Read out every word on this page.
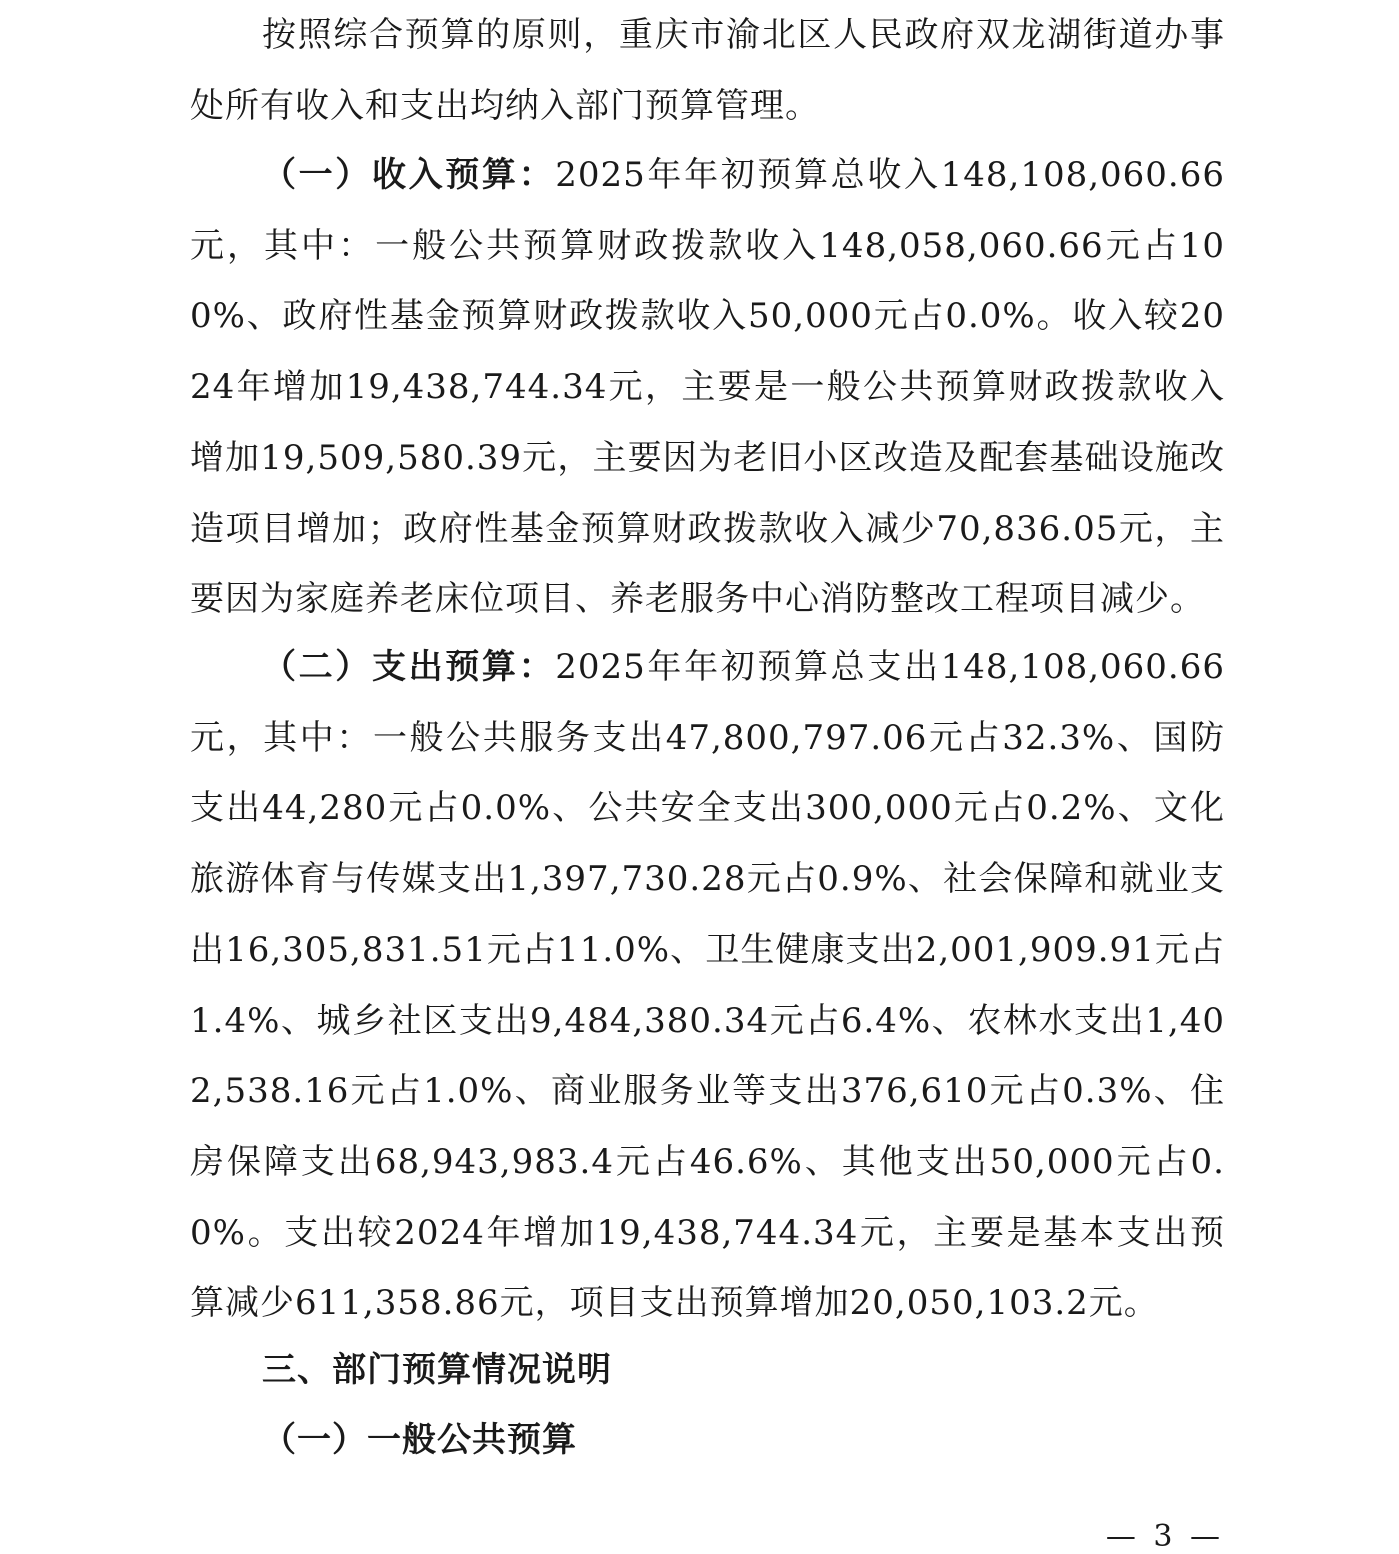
按照综合预算的原则，重庆市渝北区人民政府双龙湖街道办事处所有收入和支出均纳入部门预算管理。

（一）收入预算：2025年年初预算总收入148,108,060.66元，其中：一般公共预算财政拨款收入148,058,060.66元占100%、政府性基金预算财政拨款收入50,000元占0.0%。收入较2024年增加19,438,744.34元，主要是一般公共预算财政拨款收入增加19,509,580.39元，主要因为老旧小区改造及配套基础设施改造项目增加；政府性基金预算财政拨款收入减少70,836.05元，主要因为家庭养老床位项目、养老服务中心消防整改工程项目减少。

（二）支出预算：2025年年初预算总支出148,108,060.66元，其中：一般公共服务支出47,800,797.06元占32.3%、国防支出44,280元占0.0%、公共安全支出300,000元占0.2%、文化旅游体育与传媒支出1,397,730.28元占0.9%、社会保障和就业支出16,305,831.51元占11.0%、卫生健康支出2,001,909.91元占1.4%、城乡社区支出9,484,380.34元占6.4%、农林水支出1,402,538.16元占1.0%、商业服务业等支出376,610元占0.3%、住房保障支出68,943,983.4元占46.6%、其他支出50,000元占0.0%。支出较2024年增加19,438,744.34元，主要是基本支出预算减少611,358.86元，项目支出预算增加20,050,103.2元。

三、部门预算情况说明
（一）一般公共预算
— 3 —
